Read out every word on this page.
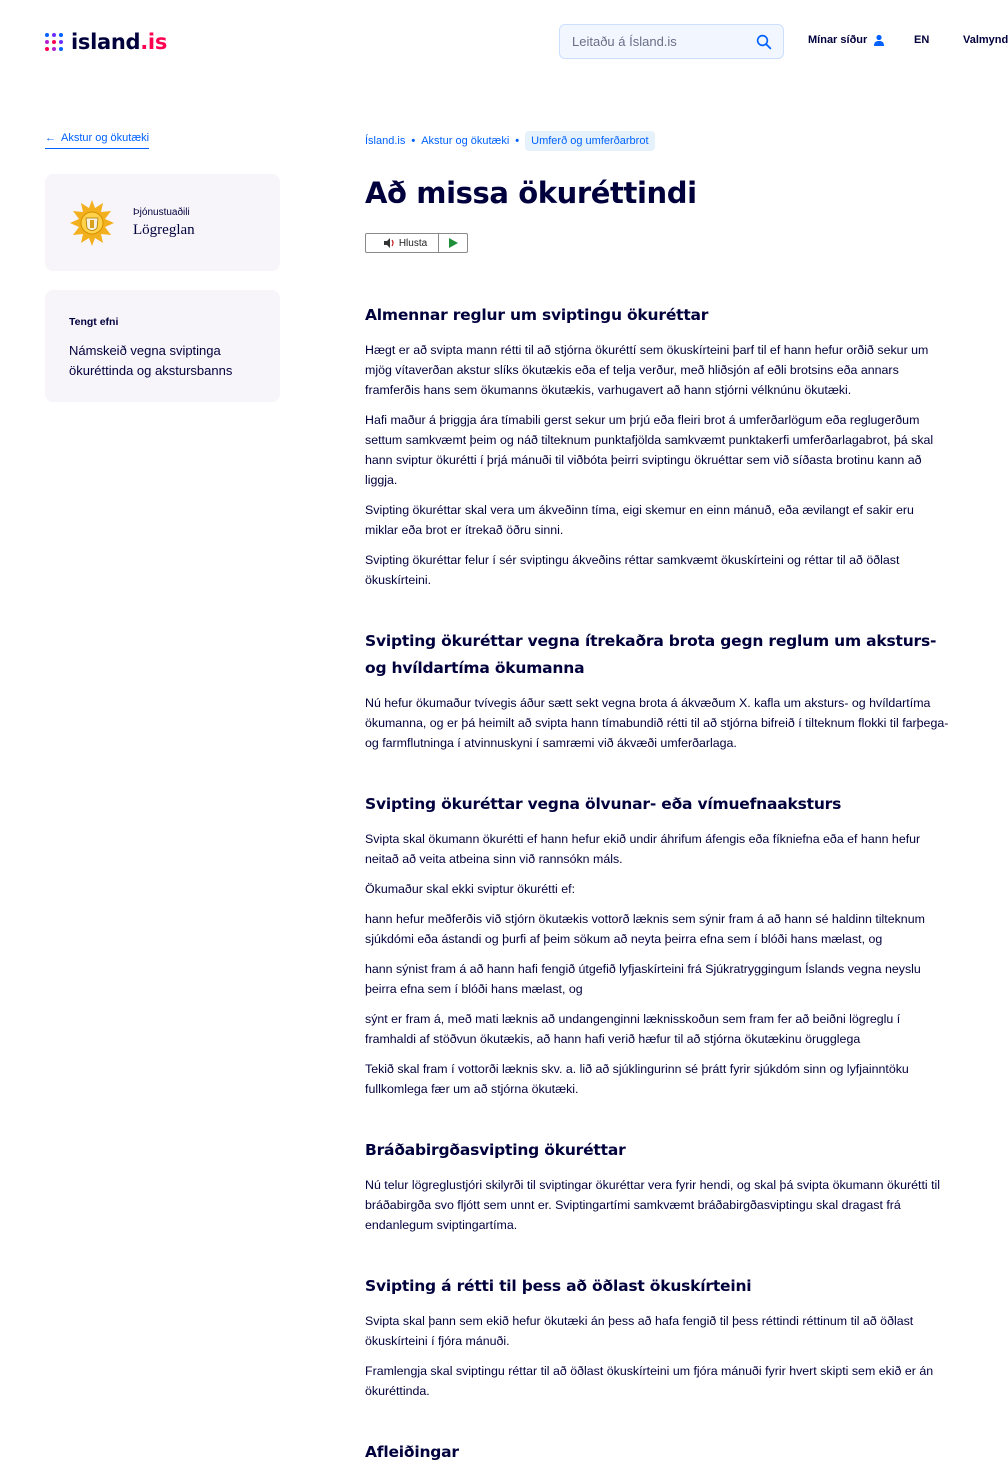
island.is
Leitaðu á Ísland.is	Mínar síður	EN	Valmynd
← Akstur og ökutæki
Þjónustuaðili
Lögreglan
Tengt efni
Námskeið vegna sviptinga ökuréttinda og akstursbanns
Ísland.is • Akstur og ökutæki •	Umferð og umferðarbrot
Að missa ökuréttindi
Hlusta
Almennar reglur um sviptingu ökuréttar

Hægt er að svipta mann rétti til að stjórna ökuréttí sem ökuskírteini þarf til ef hann hefur orðið sekur um mjög vítaverðan akstur slíks ökutækis eða ef telja verður, með hliðsjón af eðli brotsins eða annars framferðis hans sem ökumanns ökutækis, varhugavert að hann stjórni vélknúnu ökutæki.

Hafi maður á þriggja ára tímabili gerst sekur um þrjú eða fleiri brot á umferðarlögum eða reglugerðum settum samkvæmt þeim og náð tilteknum punktafjölda samkvæmt punktakerfi umferðarlagabrot, þá skal hann sviptur ökurétti í þrjá mánuði til viðbóta þeirri sviptingu ökruéttar sem við síðasta brotinu kann að liggja.

Svipting ökuréttar skal vera um ákveðinn tíma, eigi skemur en einn mánuð, eða ævilangt ef sakir eru miklar eða brot er ítrekað öðru sinni.

Svipting ökuréttar felur í sér sviptingu ákveðins réttar samkvæmt ökuskírteini og réttar til að öðlast ökuskírteini.

Svipting ökuréttar vegna ítrekaðra brota gegn reglum um aksturs- og hvíldartíma ökumanna

Nú hefur ökumaður tvívegis áður sætt sekt vegna brota á ákvæðum X. kafla um aksturs- og hvíldartíma ökumanna, og er þá heimilt að svipta hann tímabundið rétti til að stjórna bifreið í tilteknum flokki til farþega- og farmflutninga í atvinnuskyni í samræmi við ákvæði umferðarlaga.

Svipting ökuréttar vegna ölvunar- eða vímuefnaaksturs

Svipta skal ökumann ökurétti ef hann hefur ekið undir áhrifum áfengis eða fíkniefna eða ef hann hefur neitað að veita atbeina sinn við rannsókn máls.

Ökumaður skal ekki sviptur ökurétti ef:

hann hefur meðferðis við stjórn ökutækis vottorð læknis sem sýnir fram á að hann sé haldinn tilteknum sjúkdómi eða ástandi og þurfi af þeim sökum að neyta þeirra efna sem í blóði hans mælast, og

hann sýnist fram á að hann hafi fengið útgefið lyfjaskírteini frá Sjúkratryggingum Íslands vegna neyslu þeirra efna sem í blóði hans mælast, og

sýnt er fram á, með mati læknis að undangenginni læknisskoðun sem fram fer að beiðni lögreglu í framhaldi af stöðvun ökutækis, að hann hafi verið hæfur til að stjórna ökutækinu örugglega

Tekið skal fram í vottorði læknis skv. a. lið að sjúklingurinn sé þrátt fyrir sjúkdóm sinn og lyfjainntöku fullkomlega fær um að stjórna ökutæki.

Bráðabirgðasvipting ökuréttar

Nú telur lögreglustjóri skilyrði til sviptingar ökuréttar vera fyrir hendi, og skal þá svipta ökumann ökurétti til bráðabirgða svo fljótt sem unnt er. Sviptingartími samkvæmt bráðabirgðasviptingu skal dragast frá endanlegum sviptingartíma.

Svipting á rétti til þess að öðlast ökuskírteini

Svipta skal þann sem ekið hefur ökutæki án þess að hafa fengið til þess réttindi réttinum til að öðlast ökuskírteini í fjóra mánuði.

Framlengja skal sviptingu réttar til að öðlast ökuskírteini um fjóra mánuði fyrir hvert skipti sem ekið er án ökuréttinda.

Afleiðingar
